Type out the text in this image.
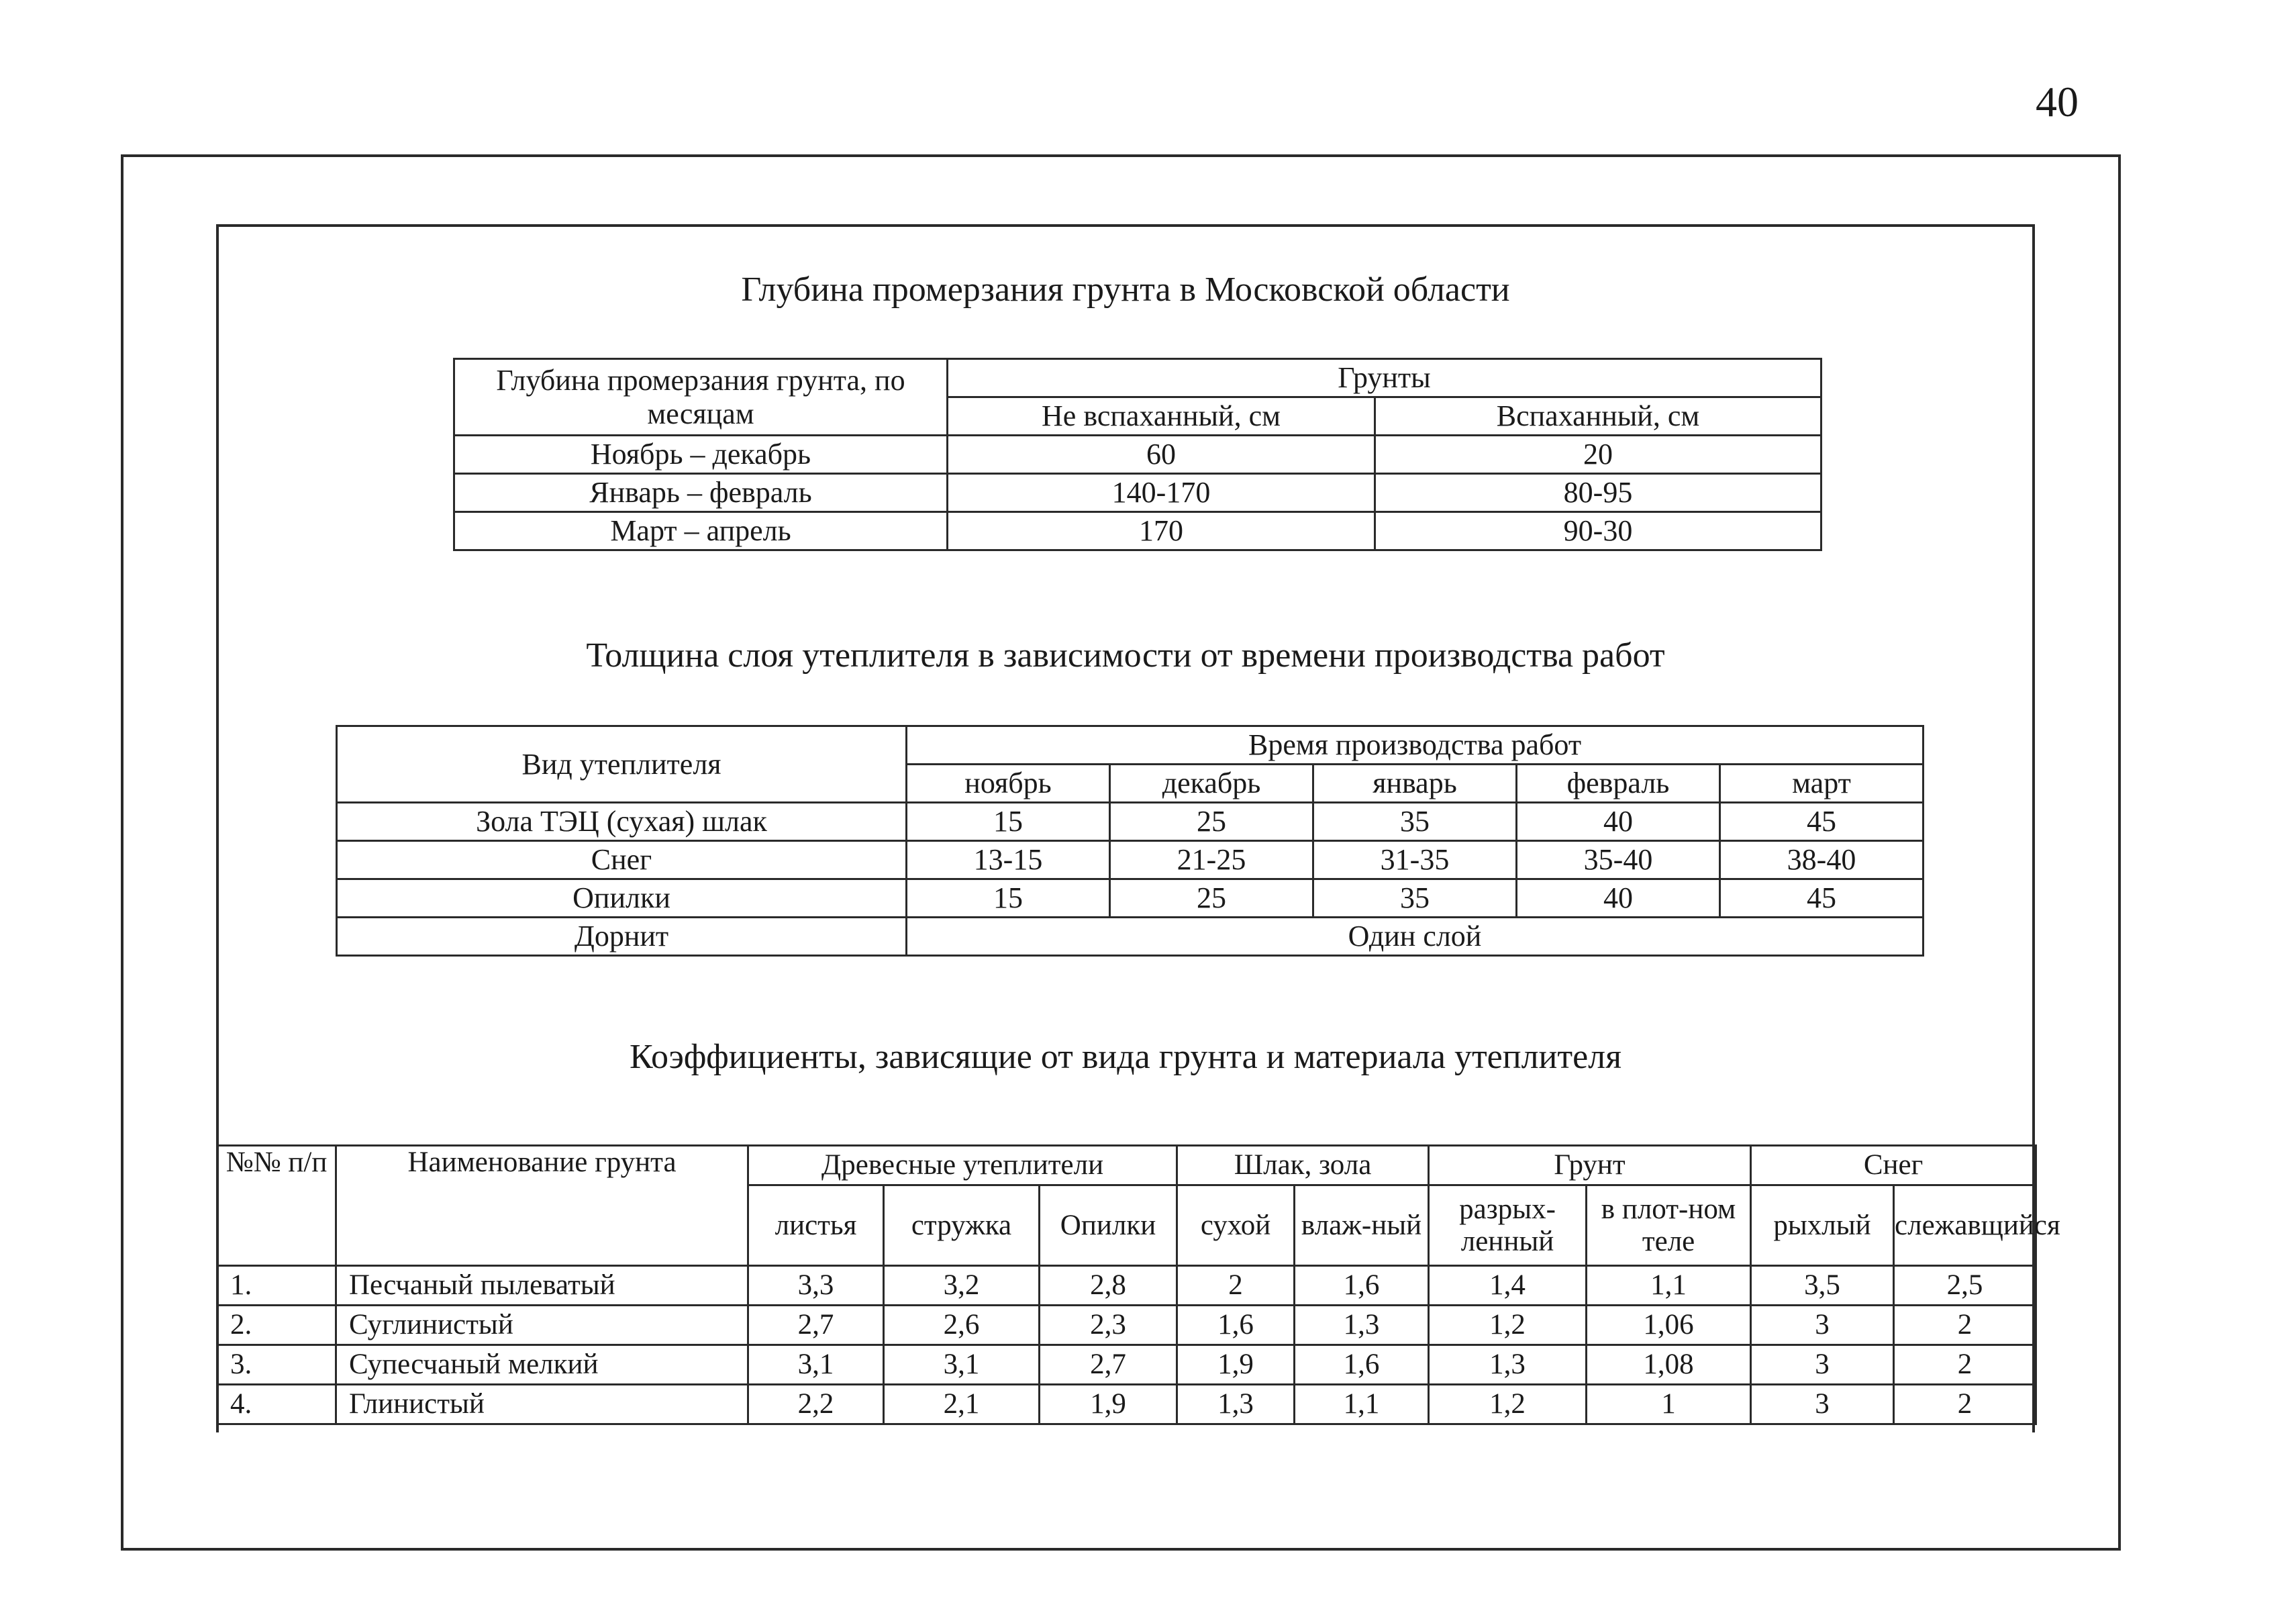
40
Глубина промерзания грунта в Московской области
Глубина промерзания грунта, по месяцам	Грунты	
	Не вспаханный, см	Вспаханный, см
Ноябрь – декабрь	60	20
Январь – февраль	140-170	80-95
Март – апрель	170	90-30
Толщина слоя утеплителя в зависимости от времени производства работ
Вид утеплителя	Время производства работ				
	ноябрь	декабрь	январь	февраль	март
Зола ТЭЦ (сухая) шлак	15	25	35	40	45
Снег	13-15	21-25	31-35	35-40	38-40
Опилки	15	25	35	40	45
Дорнит	Один слой				
Коэффициенты, зависящие от вида грунта и материала утеплителя
№№ п/п	Наименование грунта	Древесные утеплители			Шлак, зола		Грунт		Снег	
		листья	стружка	Опилки	сухой	влаж-ный	разрых-ленный	в плот-ном теле	рыхлый	слежавщийся
1.	Песчаный пылеватый	3,3	3,2	2,8	2	1,6	1,4	1,1	3,5	2,5
2.	Суглинистый	2,7	2,6	2,3	1,6	1,3	1,2	1,06	3	2
3.	Супесчаный мелкий	3,1	3,1	2,7	1,9	1,6	1,3	1,08	3	2
4.	Глинистый	2,2	2,1	1,9	1,3	1,1	1,2	1	3	2
